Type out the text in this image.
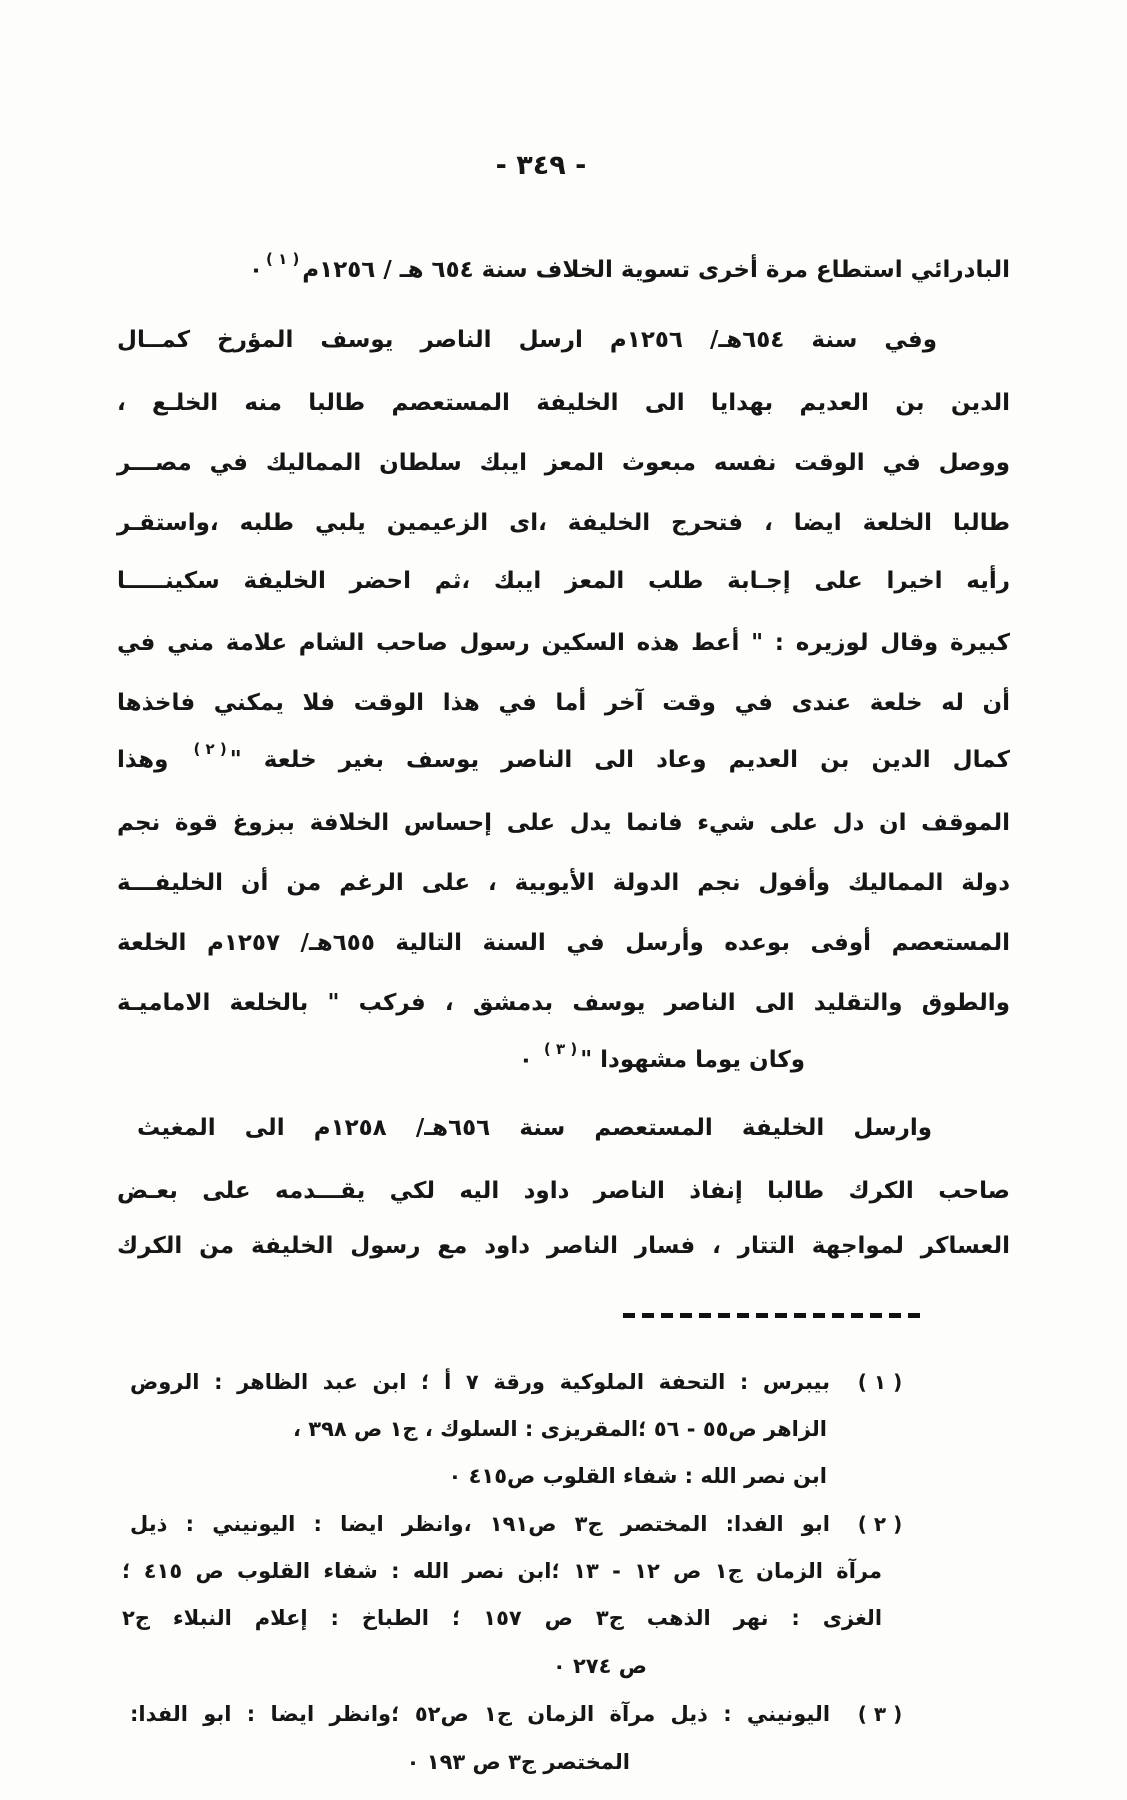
- ٣٤٩ -
البادرائي استطاع مرة أخرى تسوية الخلاف سنة ٦٥٤ هـ / ١٢٥٦م( ١ )٠
وفي سنة ٦٥٤هـ/ ١٢٥٦م ارسل الناصر يوسف المؤرخ كمــال
الدين بن العديم بهدايا الى الخليفة المستعصم طالبا منه الخلـع ،
ووصل في الوقت نفسه مبعوث المعز ايبك سلطان المماليك في مصـــر
طالبا الخلعة ايضا ، فتحرج الخليفة ،اى الزعيمين يلبي طلبه ،واستقـر
رأيه اخيرا على إجـابة طلب المعز ايبك ،ثم احضر الخليفة سكينـــــا
كبيرة وقال لوزيره : " أعط هذه السكين رسول صاحب الشام علامة مني في
أن له خلعة عندى في وقت آخر أما في هذا الوقت فلا يمكني فاخذها
كمال الدين بن العديم وعاد الى الناصر يوسف بغير خلعة "( ٢ ) وهذا
الموقف ان دل على شيء فانما يدل على إحساس الخلافة ببزوغ قوة نجم
دولة المماليك وأفول نجم الدولة الأيوبية ، على الرغم من أن الخليفـــة
المستعصم أوفى بوعده وأرسل في السنة التالية ٦٥٥هـ/ ١٢٥٧م الخلعة
والطوق والتقليد الى الناصر يوسف بدمشق ، فركب " بالخلعة الاماميـة
وكان يوما مشهودا "( ٣ ) ٠
وارسل الخليفة المستعصم سنة ٦٥٦هـ/ ١٢٥٨م الى المغيث
صاحب الكرك طالبا إنفاذ الناصر داود اليه لكي يقـــدمه على بعـض
العساكر لمواجهة التتار ، فسار الناصر داود مع رسول الخليفة من الكرك
( ١ )
بيبرس : التحفة الملوكية ورقة ٧ أ ؛ ابن عبد الظاهر : الروض
الزاهر ص٥٥ - ٥٦ ؛المقريزى : السلوك ، ج١ ص ٣٩٨ ،
ابن نصر الله : شفاء القلوب ص٤١٥ ٠
( ٢ )
ابو الفدا: المختصر ج٣ ص١٩١ ،وانظر ايضا : اليونيني : ذيل
مرآة الزمان ج١ ص ١٢ - ١٣ ؛ابن نصر الله : شفاء القلوب ص ٤١٥ ؛
الغزى : نهر الذهب ج٣ ص ١٥٧ ؛ الطباخ : إعلام النبلاء ج٢
ص ٢٧٤ ٠
( ٣ )
اليونيني : ذيل مرآة الزمان ج١ ص٥٢ ؛وانظر ايضا : ابو الفدا:
المختصر ج٣ ص ١٩٣ ٠
